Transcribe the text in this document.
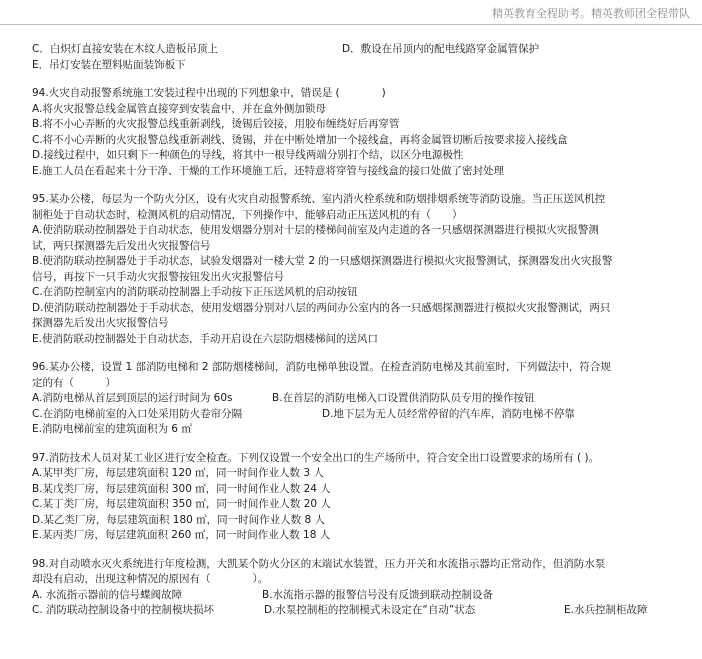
精英教育全程助考。精英教师团全程带队
C．白炽灯直接安装在木纹人造板吊顶上	D．敷设在吊顶内的配电线路穿金属管保护
E．吊灯安装在塑料贴面装饰板下
94.火灾自动报警系统施工安装过程中出现的下列想象中，错误是 (　　　　)
A.将火灾报警总线金属管直接穿到安装盒中，并在盒外侧加锁母
B.将不小心弄断的火灾报警总线重新剥线，烫锡后铰接，用胶布缠绕好后再穿管
C.将不小心弄断的火灾报警总线重新剥线、烫锡，并在中断处增加一个接线盒，再将金属管切断后按要求接入接线盒
D.接线过程中，如只剩下一种颜色的导线，将其中一根导线两端分别打个结，以区分电源极性
E.施工人员在看起来十分干净、干燥的工作环境施工后，还特意将穿管与接线盒的接口处做了密封处理
95.某办公楼，每层为一个防火分区，设有火灾自动报警系统、室内消火栓系统和防烟排烟系统等消防设施。当正压送风机控
制柜处于自动状态时，检测风机的启动情况，下列操作中，能够启动正压送风机的有（　　）
A.使消防联动控制器处于自动状态，使用发烟器分别对十层的楼梯间前室及内走道的各一只感烟探测器进行模拟火灾报警测
试，两只探测器先后发出火灾报警信号
B.使消防联动控制器处于手动状态，试验发烟器对一楼大堂 2 的一只感烟探测器进行模拟火灾报警测试，探测器发出火灾报警
信号，再按下一只手动火灾报警按钮发出火灾报警信号
C.在消防控制室内的消防联动控制器上手动按下正压送风机的启动按钮
D.使消防联动控制器处于手动状态，使用发烟器分别对八层的两间办公室内的各一只感烟探测器进行模拟火灾报警测试，两只
探测器先后发出火灾报警信号
E.使消防联动控制器处于自动状态，手动开启设在六层防烟楼梯间的送风口
96.某办公楼，设置 1 部消防电梯和 2 部防烟楼梯间，消防电梯单独设置。在检查消防电梯及其前室时，下列做法中，符合规
定的有（　　　）
A.消防电梯从首层到顶层的运行时间为 60s	B.在首层的消防电梯入口设置供消防队员专用的操作按钮
C.在消防电梯前室的入口处采用防火卷帘分隔	D.地下层为无人员经常停留的汽车库，消防电梯不停靠
E.消防电梯前室的建筑面积为 6 ㎡
97.消防技术人员对某工业区进行安全检查。下列仅设置一个安全出口的生产场所中，符合安全出口设置要求的场所有 ( )。
A.某甲类厂房，每层建筑面积 120 ㎡，同一时间作业人数 3 人
B.某戊类厂房，每层建筑面积 300 ㎡，同一时间作业人数 24 人
C.某丁类厂房，每层建筑面积 350 ㎡，同一时间作业人数 20 人
D.某乙类厂房，每层建筑面积 180 ㎡，同一时间作业人数 8 人
E.某丙类厂房，每层建筑面积 260 ㎡，同一时间作业人数 18 人
98.对自动喷水灭火系统进行年度检测，大凯某个防火分区的末端试水装置，压力开关和水流指示器均正常动作，但消防水泵
却没有启动，出现这种情况的原因有（　　　　）。
A. 水流指示器前的信号蝶阀故障	B.水流指示器的报警信号没有反馈到联动控制设备
C. 消防联动控制设备中的控制模块损坏	D.水泵控制柜的控制模式未设定在“自动”状态	E.水兵控制柜故障
